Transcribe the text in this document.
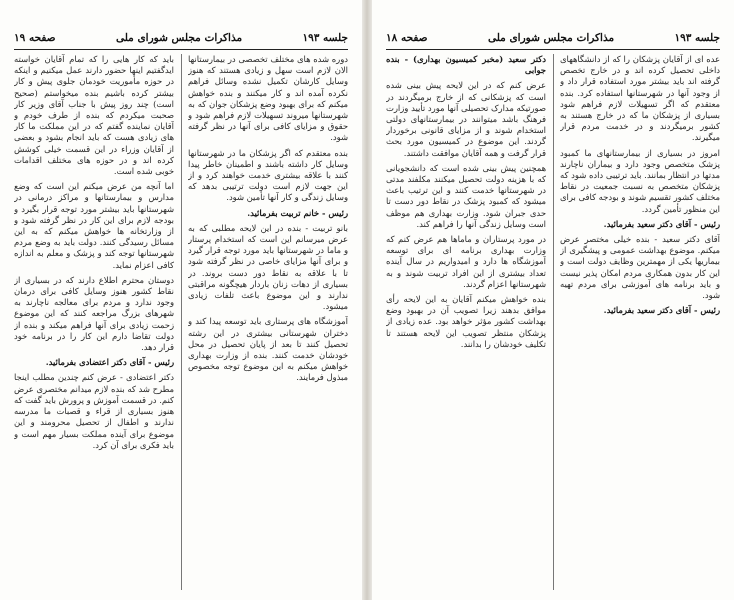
جلسه ۱۹۳
مذاکرات مجلس شورای ملی
صفحه ۱۹

دوره شده های مختلف تخصصی در بیمارستانها الان لازم است سهل و زیادی هستند که هنوز وسایل کارشان تکمیل نشده وسائل فراهم نکرده آمده اند و کار میکنند و بنده خواهش میکنم که برای بهبود وضع پزشکان جوان که به شهرستانها میروند تسهیلات لازم فراهم شود و حقوق و مزایای کافی برای آنها در نظر گرفته شود.

بنده معتقدم که اگر پزشکان ما در شهرستانها وسایل کار داشته باشند و اطمینان خاطر پیدا کنند با علاقه بیشتری خدمت خواهند کرد و از این جهت لازم است دولت ترتیبی بدهد که وسایل زندگی و کار آنها تأمین شود.

رئیس - خانم تربیت بفرمائید.

بانو تربیت - بنده در این لایحه مطلبی که به عرض میرسانم این است که استخدام پرستار و ماما در شهرستانها باید مورد توجه قرار گیرد و برای آنها مزایای خاصی در نظر گرفته شود تا با علاقه به نقاط دور دست بروند. در بسیاری از دهات زنان باردار هیچگونه مراقبتی ندارند و این موضوع باعث تلفات زیادی میشود.

آموزشگاه های پرستاری باید توسعه پیدا کند و دختران شهرستانی بیشتری در این رشته تحصیل کنند تا بعد از پایان تحصیل در محل خودشان خدمت کنند. بنده از وزارت بهداری خواهش میکنم به این موضوع توجه مخصوص مبذول فرمایند.

باید که کار هایی را که تمام آقایان خواسته ایدگفتیم اینها حضور دارند عمل میکنیم و اینکه در حوزه مأموریت خودمان جلوی پیش و کار بیشتر کرده باشیم بنده میخواستم (صحیح است) چند روز پیش با جناب آقای وزیر کار صحبت میکردم که بنده از طرف خودم و آقایان نماینده گفتم که در این مملکت ما کار های زیادی هست که باید انجام بشود و بعضی از آقایان وزراء در این قسمت خیلی کوشش کرده اند و در حوزه های مختلف اقدامات خوبی شده است.

اما آنچه من عرض میکنم این است که وضع مدارس و بیمارستانها و مراکز درمانی در شهرستانها باید بیشتر مورد توجه قرار بگیرد و بودجه لازم برای این کار در نظر گرفته شود و از وزارتخانه ها خواهش میکنم که به این مسائل رسیدگی کنند. دولت باید به وضع مردم شهرستانها توجه کند و پزشک و معلم به اندازه کافی اعزام نماید.

دوستان محترم اطلاع دارند که در بسیاری از نقاط کشور هنوز وسایل کافی برای درمان وجود ندارد و مردم برای معالجه ناچارند به شهرهای بزرگ مراجعه کنند که این موضوع زحمت زیادی برای آنها فراهم میکند و بنده از دولت تقاضا دارم این کار را در برنامه خود قرار دهد.

رئیس - آقای دکتر اعتضادی بفرمائید.

دکتر اعتضادی - عرض کنم چندین مطلب اینجا مطرح شد که بنده لازم میدانم مختصری عرض کنم. در قسمت آموزش و پرورش باید گفت که هنوز بسیاری از قراء و قصبات ما مدرسه ندارند و اطفال از تحصیل محرومند و این موضوع برای آینده مملکت بسیار مهم است و باید فکری برای آن کرد.

جلسه ۱۹۳
مذاکرات مجلس شورای ملی
صفحه ۱۸

عده ای از آقایان پزشکان را که از دانشگاههای داخلی تحصیل کرده اند و در خارج تخصص گرفته اند باید بیشتر مورد استفاده قرار داد و از وجود آنها در شهرستانها استفاده کرد. بنده معتقدم که اگر تسهیلات لازم فراهم شود بسیاری از پزشکان ما که در خارج هستند به کشور برمیگردند و در خدمت مردم قرار میگیرند.

امروز در بسیاری از بیمارستانهای ما کمبود پزشک متخصص وجود دارد و بیماران ناچارند مدتها در انتظار بمانند. باید ترتیبی داده شود که پزشکان متخصص به نسبت جمعیت در نقاط مختلف کشور تقسیم شوند و بودجه کافی برای این منظور تأمین گردد.

رئیس - آقای دکتر سعید بفرمائید.

آقای دکتر سعید - بنده خیلی مختصر عرض میکنم. موضوع بهداشت عمومی و پیشگیری از بیماریها یکی از مهمترین وظایف دولت است و این کار بدون همکاری مردم امکان پذیر نیست و باید برنامه های آموزشی برای مردم تهیه شود.

رئیس - آقای دکتر سعید بفرمائید.

دکتر سعید (مخبر کمیسیون بهداری) - بنده جوابی

عرض کنم که در این لایحه پیش بینی شده است که پزشکانی که از خارج برمیگردند در صورتیکه مدارک تحصیلی آنها مورد تأیید وزارت فرهنگ باشد میتوانند در بیمارستانهای دولتی استخدام شوند و از مزایای قانونی برخوردار گردند. این موضوع در کمیسیون مورد بحث قرار گرفت و همه آقایان موافقت داشتند.

همچنین پیش بینی شده است که دانشجویانی که با هزینه دولت تحصیل میکنند مکلفند مدتی در شهرستانها خدمت کنند و این ترتیب باعث میشود که کمبود پزشک در نقاط دور دست تا حدی جبران شود. وزارت بهداری هم موظف است وسایل زندگی آنها را فراهم کند.

در مورد پرستاران و ماماها هم عرض کنم که وزارت بهداری برنامه ای برای توسعه آموزشگاه ها دارد و امیدواریم در سال آینده تعداد بیشتری از این افراد تربیت شوند و به شهرستانها اعزام گردند.

بنده خواهش میکنم آقایان به این لایحه رأی موافق بدهند زیرا تصویب آن در بهبود وضع بهداشت کشور مؤثر خواهد بود. عده زیادی از پزشکان منتظر تصویب این لایحه هستند تا تکلیف خودشان را بدانند.
